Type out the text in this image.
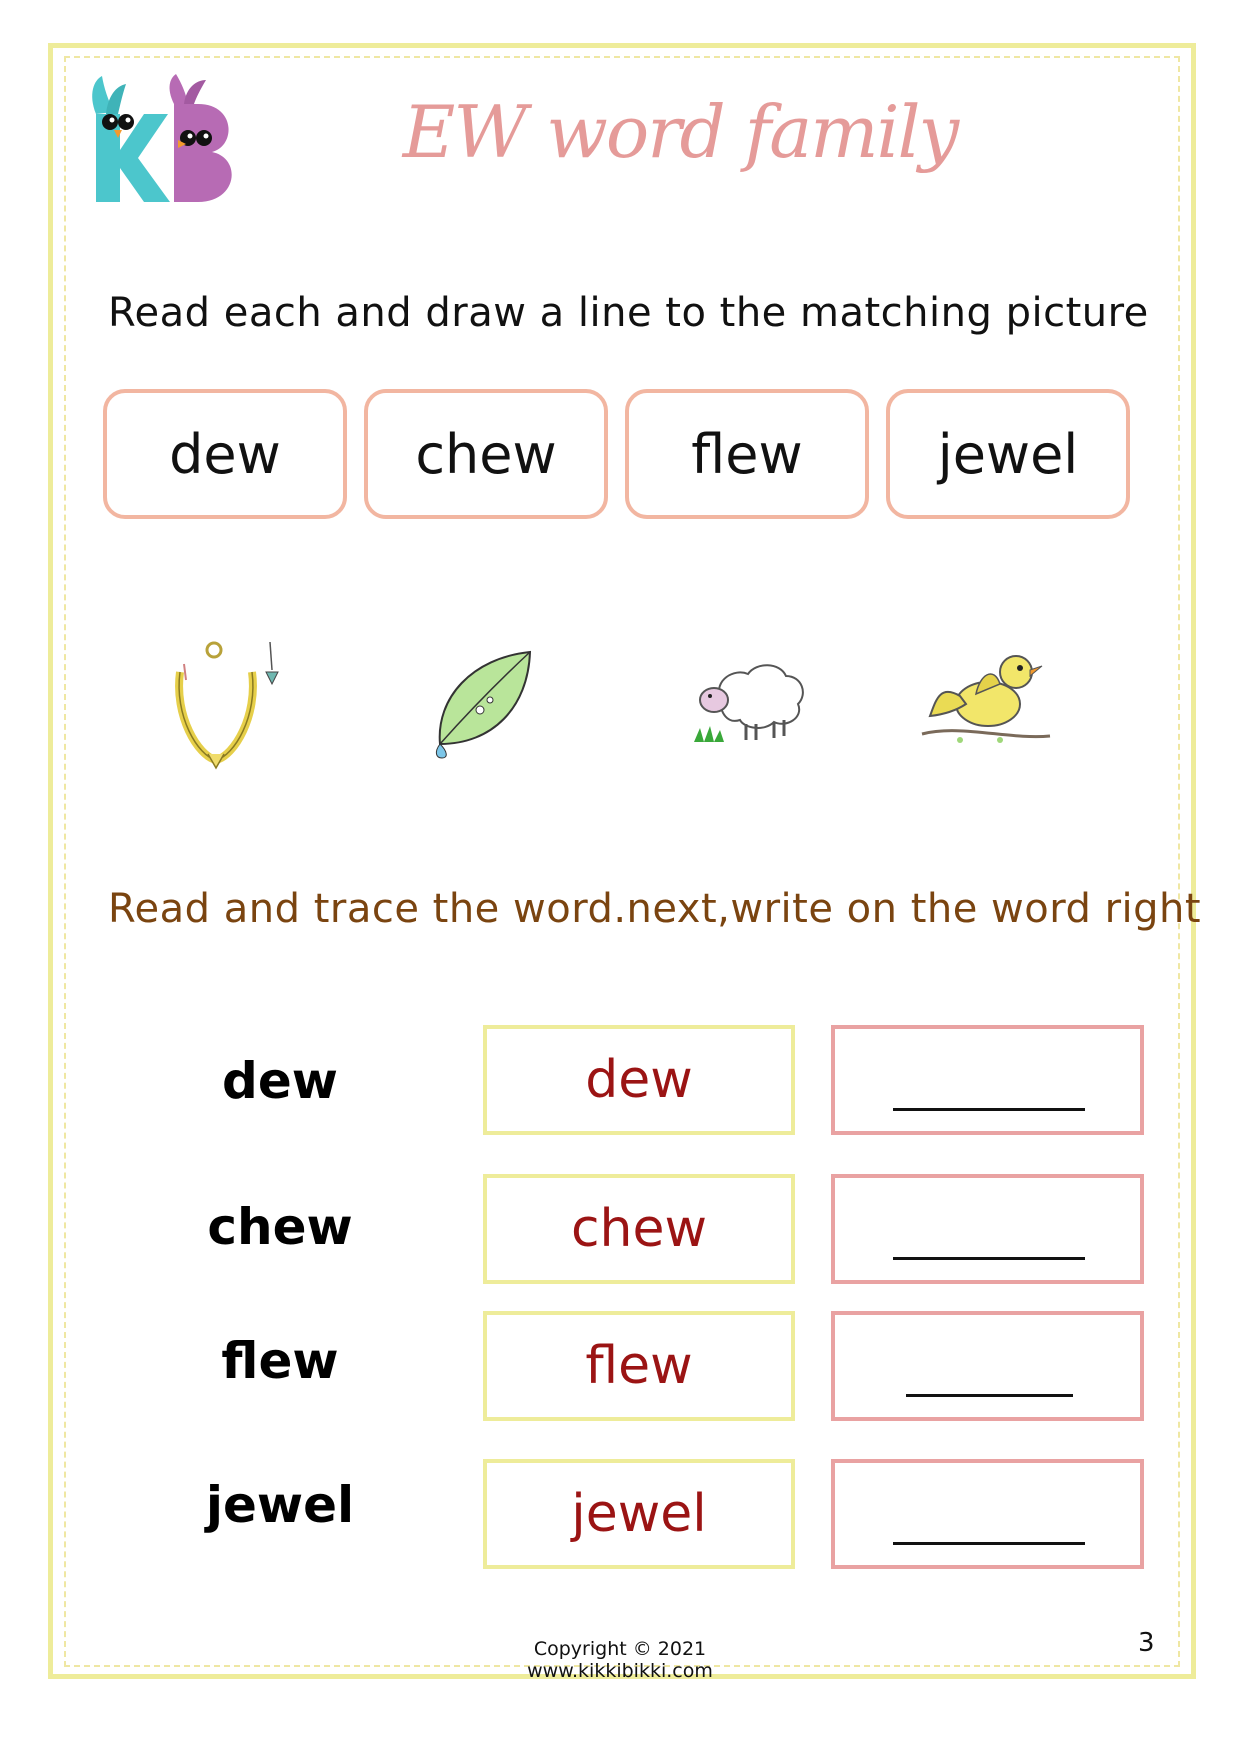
EW word family
Read each and draw a line to the matching picture
dew	chew	flew	jewel
Read and trace the word.next,write on the word right
dew	dew
chew	chew
flew	flew
jewel	jewel
Copyright © 2021 www.kikkibikki.com
3
